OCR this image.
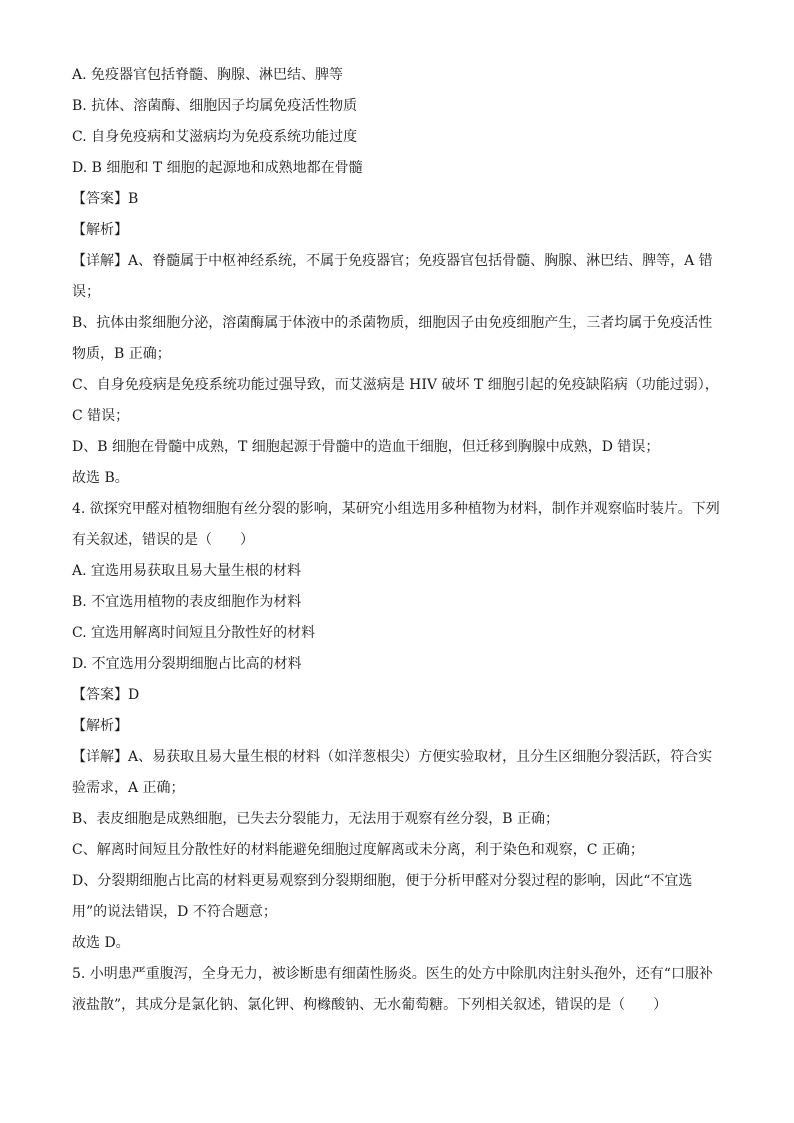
A. 免疫器官包括脊髓、胸腺、淋巴结、脾等
B. 抗体、溶菌酶、细胞因子均属免疫活性物质
C. 自身免疫病和艾滋病均为免疫系统功能过度
D. B 细胞和 T 细胞的起源地和成熟地都在骨髓
【答案】B
【解析】
【详解】A、脊髓属于中枢神经系统，不属于免疫器官；免疫器官包括骨髓、胸腺、淋巴结、脾等，A 错
误；
B、抗体由浆细胞分泌，溶菌酶属于体液中的杀菌物质，细胞因子由免疫细胞产生，三者均属于免疫活性
物质，B 正确；
C、自身免疫病是免疫系统功能过强导致，而艾滋病是 HIV 破坏 T 细胞引起的免疫缺陷病（功能过弱），
C 错误；
D、B 细胞在骨髓中成熟，T 细胞起源于骨髓中的造血干细胞，但迁移到胸腺中成熟，D 错误；
故选 B。
4. 欲探究甲醛对植物细胞有丝分裂的影响，某研究小组选用多种植物为材料，制作并观察临时装片。下列
有关叙述，错误的是（　　）
A. 宜选用易获取且易大量生根的材料
B. 不宜选用植物的表皮细胞作为材料
C. 宜选用解离时间短且分散性好的材料
D. 不宜选用分裂期细胞占比高的材料
【答案】D
【解析】
【详解】A、易获取且易大量生根的材料（如洋葱根尖）方便实验取材，且分生区细胞分裂活跃，符合实
验需求，A 正确；
B、表皮细胞是成熟细胞，已失去分裂能力，无法用于观察有丝分裂，B 正确；
C、解离时间短且分散性好的材料能避免细胞过度解离或未分离，利于染色和观察，C 正确；
D、分裂期细胞占比高的材料更易观察到分裂期细胞，便于分析甲醛对分裂过程的影响，因此“不宜选
用”的说法错误，D 不符合题意；
故选 D。
5. 小明患严重腹泻，全身无力，被诊断患有细菌性肠炎。医生的处方中除肌肉注射头孢外，还有“口服补
液盐散”，其成分是氯化钠、氯化钾、枸橼酸钠、无水葡萄糖。下列相关叙述，错误的是（　　）
